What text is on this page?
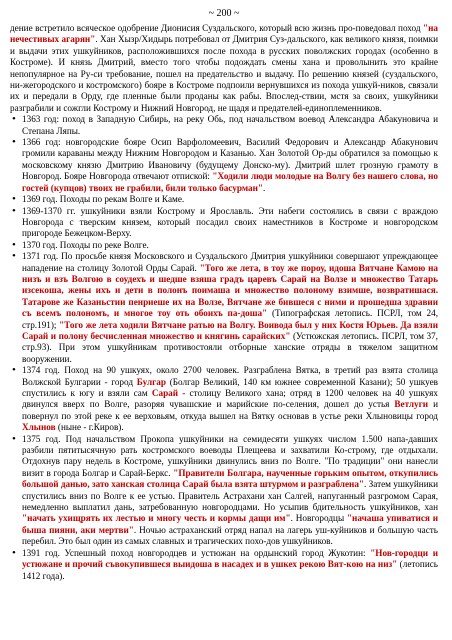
~ 200 ~

дение встретило всяческое одобрение Дионисия Суздальского, который всю жизнь про-поведовал поход "на нечестивых агарян". Хан Хызр/Хидырь потребовал от Дмитрия Суз-дальского, как великого князя, поимки и выдачи этих ушкуйников, расположившихся после похода в русских поволжских городах (особенно в Костроме). И князь Дмитрий, вместо того чтобы подождать смены хана и проволынить это крайне непопулярное на Ру-си требование, пошел на предательство и выдачу. По решению князей (суздальского, ни-жегородского и костромского) бояре в Костроме подпоили вернувшихся из похода ушкуй-ников, связали их и передали в Орду, где пленные были проданы как рабы. Впослед-ствии, мстя за своих, ушкуйники разграбили и сожгли Кострому и Нижний Новгород, не щадя и предателей-единоплеменников.

• 1363 год: поход в Западную Сибирь, на реку Обь, под начальством воевод Александра Абакуновича и Степана Ляпы.
• 1366 год: новгородские бояре Осип Варфоломеевич, Василий Федорович и Александр Абакунович громили караваны между Нижним Новгородом и Казанью. Хан Золотой Ор-ды обратился за помощью к московскому князю Дмитрию Ивановичу (будущему Донско-му). Дмитрий шлет грозную грамоту в Новгород. Бояре Новгорода отвечают отпиской: "Ходили люди молодые на Волгу без нашего слова, но гостей (купцов) твоих не грабили, били только басурман".
• 1369 год. Походы по рекам Волге и Каме.
• 1369-1370 гг. ушкуйники взяли Кострому и Ярославль. Эти набеги состоялись в связи с враждою Новгорода с тверским князем, который посадил своих наместников в Костроме и новгородском пригороде Бежецком-Верху.
• 1370 год. Походы по реке Волге.
• 1371 год. По просьбе князя Московского и Суздальского Дмитрия ушкуйники совершают упреждающее нападение на столицу Золотой Орды Сарай. "Того же лета, в тоу же пороу, идоша Вятчане Камою на низъ и взъ Волгою в соудехъ и шедше взяша градъ царевъ Сарай на Волзе и множество Татарь изсекоша, жены ихъ и дети в полонъ поимаша и множество полоному взимше, возвратишася. Татарове же Казаньстии пенриеше их на Волзе, Вятчане же бившеся с ними и прошедша здравии съ всемъ полономъ, и многое тоу оть обоихъ па-доша" (Типографская летопись. ПСРЛ, том 24, стр.191); "Того же лета ходили Вятчане ратью на Волгу. Воивода был у них Костя Юрьев. Да взяли Сарай и полону бесчисленная множество и княгинь сарайских" (Устюжская летопись. ПСРЛ, том 37, стр.93). При этом ушкуйникам противостояли отборные ханские отряды в тяжелом защитном вооружении.
• 1374 год. Поход на 90 ушкуях, около 2700 человек. Разграблена Вятка, в третий раз взята столица Волжской Булгарии - город Булгар (Болгар Великий, 140 км южнее современной Казани); 50 ушкуев спустились к югу и взяли сам Сарай - столицу Великого хана; отряд в 1200 человек на 40 ушкуях двинулся вверх по Волге, разоряя чувашские и марийские по-селения, дошел до устья Ветлуги и повернул по этой реке к ее верховьям, откуда вышел на Вятку основав в устье реки Хлыновицы город Хлынов (ныне - г.Киров).
• 1375 год. Под начальством Прокопа ушкуйники на семидесяти ушкуях числом 1.500 напа-давших разбили пятитысячную рать костромского воеводы Плещеева и захватили Ко-строму, где отдыхали. Отдохнув пару недель в Костроме, ушкуйники двинулись вниз по Волге. "По традиции" они нанесли визит в города Болгар и Сарай-Беркс. "Правители Болгара, наученные горьким опытом, откупились большой данью, зато ханская столица Сарай была взята штурмом и разграблена". Затем ушкуйники спустились вниз по Волге к ее устью. Правитель Астрахани хан Салгей, напуганный разгромом Сарая, немедленно выплатил дань, затребованную новгородцами. Но усыпив бдительность ушкуйников, хан "начать ухищрять их лестью и многу честь и кормы дащи им". Новгородцы "начаша упиватися и быша пияни, аки мертви". Ночью астраханский отряд напал на лагерь уш-куйников и большую часть перебил. Это был один из самых славных и трагических похо-дов ушкуйников.
• 1391 год. Успешный поход новгородцев и устюжан на ордынский город Жукотин: "Нов-городци и устюжане и прочий съвокупившеся выидоша в насадех и в ушкех рекою Вят-кою на низ" (летопись 1412 года).
